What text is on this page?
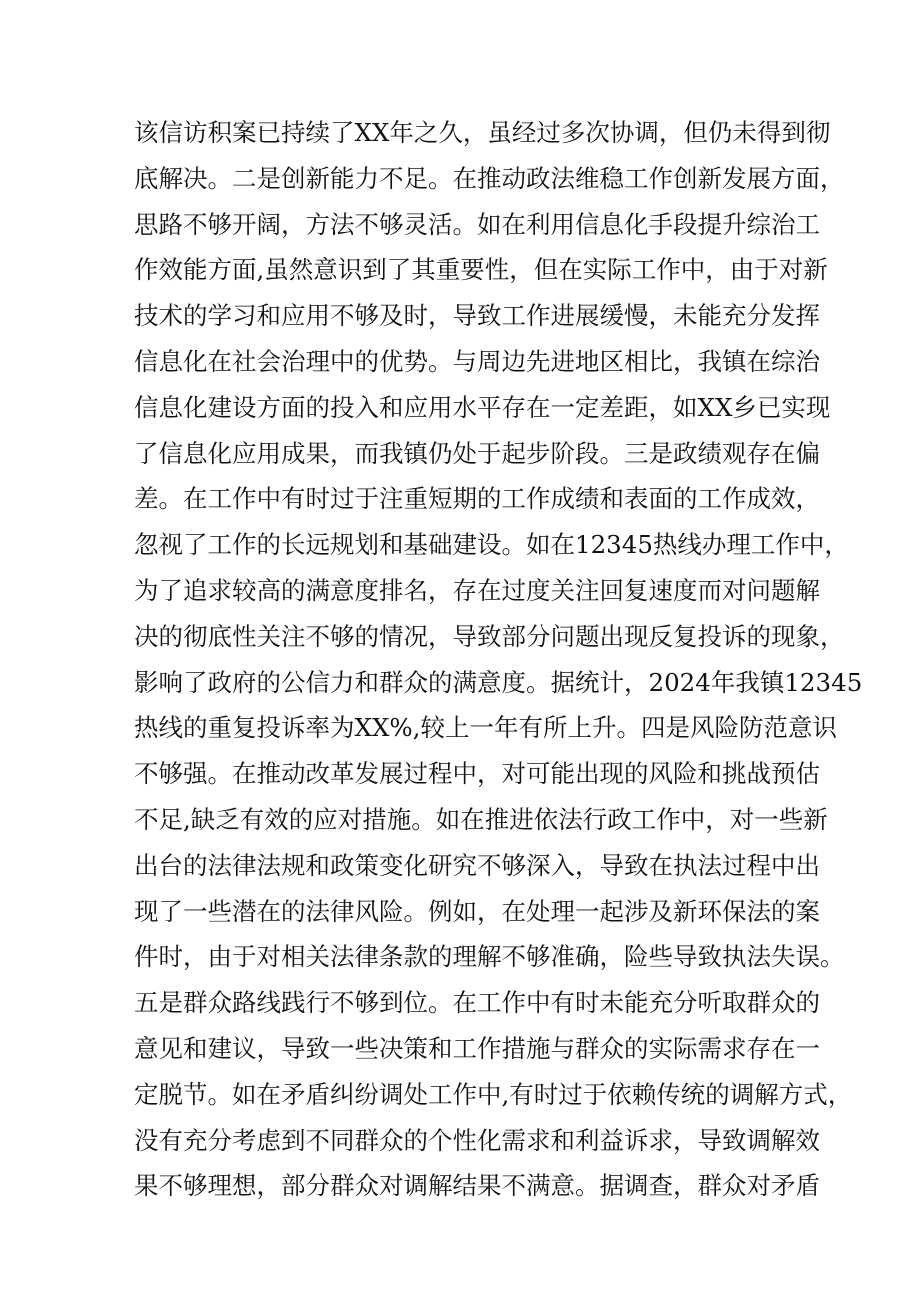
该信访积案已持续了XX年之久，虽经过多次协调，但仍未得到彻
底解决。二是创新能力不足。在推动政法维稳工作创新发展方面，
思路不够开阔，方法不够灵活。如在利用信息化手段提升综治工
作效能方面,虽然意识到了其重要性，但在实际工作中，由于对新
技术的学习和应用不够及时，导致工作进展缓慢，未能充分发挥
信息化在社会治理中的优势。与周边先进地区相比，我镇在综治
信息化建设方面的投入和应用水平存在一定差距，如XX乡已实现
了信息化应用成果，而我镇仍处于起步阶段。三是政绩观存在偏
差。在工作中有时过于注重短期的工作成绩和表面的工作成效，
忽视了工作的长远规划和基础建设。如在12345热线办理工作中，
为了追求较高的满意度排名，存在过度关注回复速度而对问题解
决的彻底性关注不够的情况，导致部分问题出现反复投诉的现象，
影响了政府的公信力和群众的满意度。据统计，2024年我镇12345
热线的重复投诉率为XX%,较上一年有所上升。四是风险防范意识
不够强。在推动改革发展过程中，对可能出现的风险和挑战预估
不足,缺乏有效的应对措施。如在推进依法行政工作中，对一些新
出台的法律法规和政策变化研究不够深入，导致在执法过程中出
现了一些潜在的法律风险。例如，在处理一起涉及新环保法的案
件时，由于对相关法律条款的理解不够准确，险些导致执法失误。
五是群众路线践行不够到位。在工作中有时未能充分听取群众的
意见和建议，导致一些决策和工作措施与群众的实际需求存在一
定脱节。如在矛盾纠纷调处工作中,有时过于依赖传统的调解方式，
没有充分考虑到不同群众的个性化需求和利益诉求，导致调解效
果不够理想，部分群众对调解结果不满意。据调查，群众对矛盾
